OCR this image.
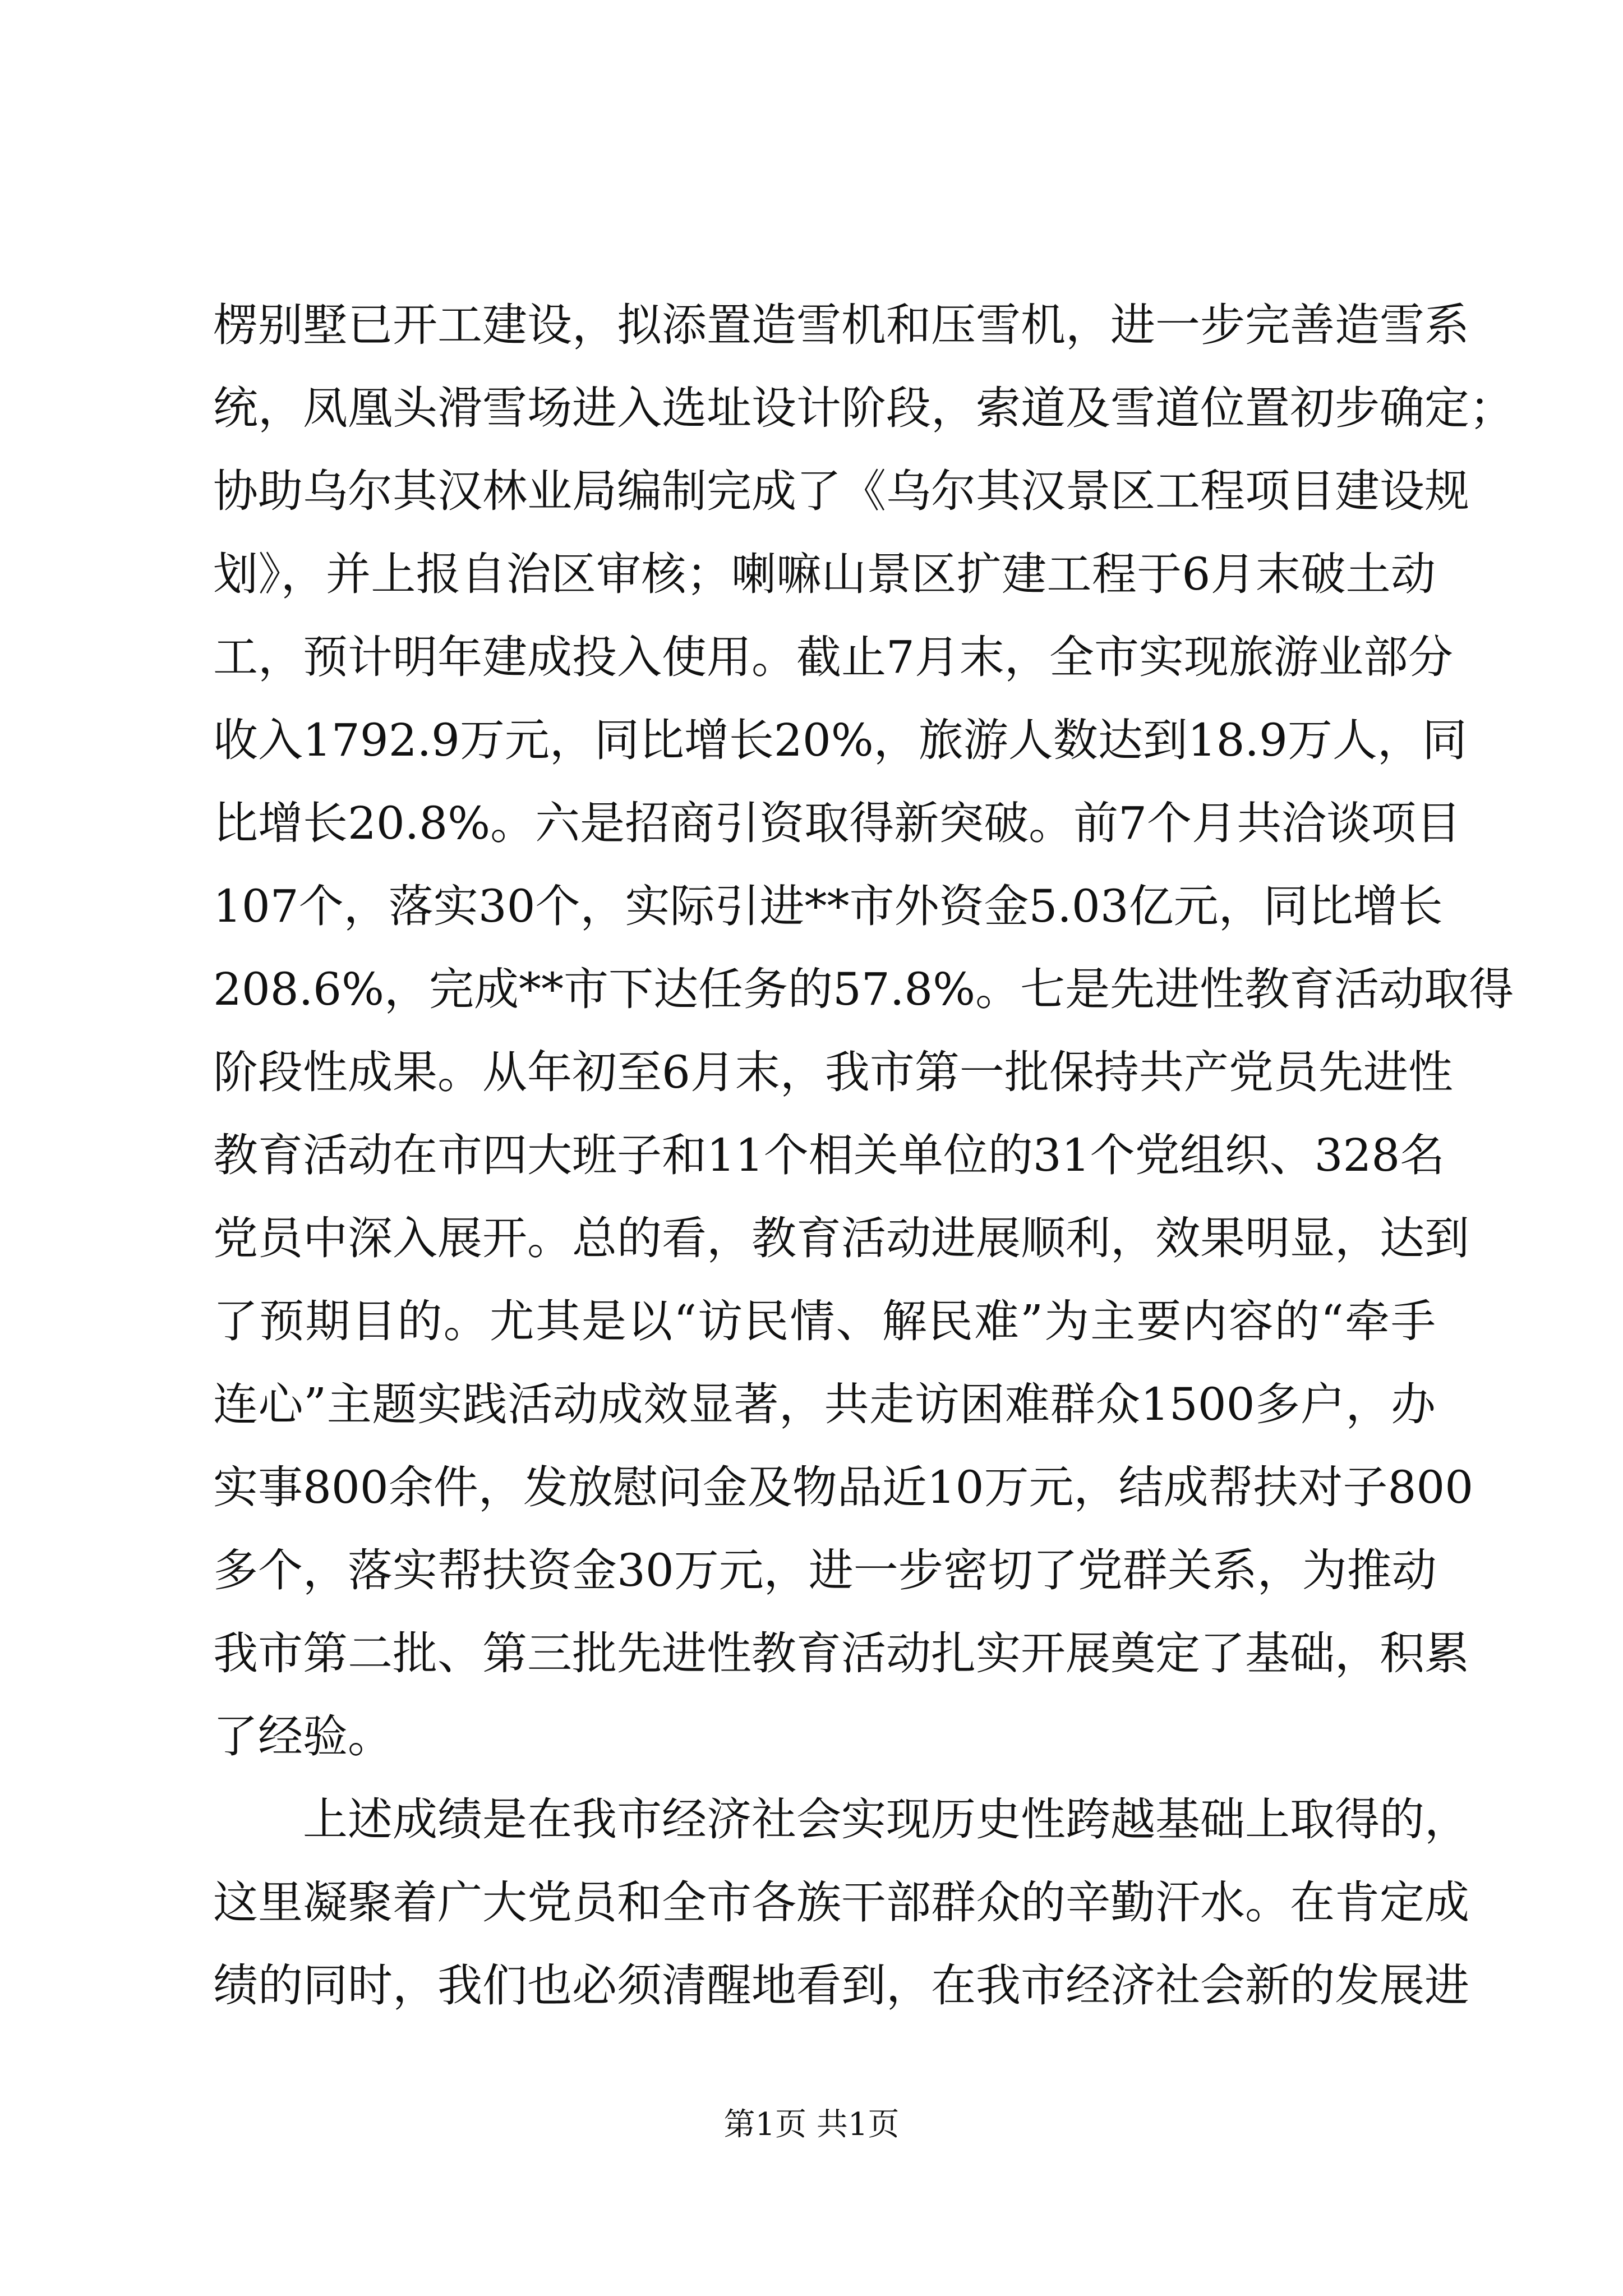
楞别墅已开工建设，拟添置造雪机和压雪机，进一步完善造雪系
统，凤凰头滑雪场进入选址设计阶段，索道及雪道位置初步确定；
协助乌尔其汉林业局编制完成了《乌尔其汉景区工程项目建设规
划》，并上报自治区审核；喇嘛山景区扩建工程于6月末破土动
工，预计明年建成投入使用。截止7月末，全市实现旅游业部分
收入1792.9万元，同比增长20%，旅游人数达到18.9万人，同
比增长20.8%。六是招商引资取得新突破。前7个月共洽谈项目
107个，落实30个，实际引进**市外资金5.03亿元，同比增长
208.6%，完成**市下达任务的57.8%。七是先进性教育活动取得
阶段性成果。从年初至6月末，我市第一批保持共产党员先进性
教育活动在市四大班子和11个相关单位的31个党组织、328名
党员中深入展开。总的看，教育活动进展顺利，效果明显，达到
了预期目的。尤其是以“访民情、解民难”为主要内容的“牵手
连心”主题实践活动成效显著，共走访困难群众1500多户，办
实事800余件，发放慰问金及物品近10万元，结成帮扶对子800
多个，落实帮扶资金30万元，进一步密切了党群关系，为推动
我市第二批、第三批先进性教育活动扎实开展奠定了基础，积累
了经验。
上述成绩是在我市经济社会实现历史性跨越基础上取得的，
这里凝聚着广大党员和全市各族干部群众的辛勤汗水。在肯定成
绩的同时，我们也必须清醒地看到，在我市经济社会新的发展进
第1页 共1页
